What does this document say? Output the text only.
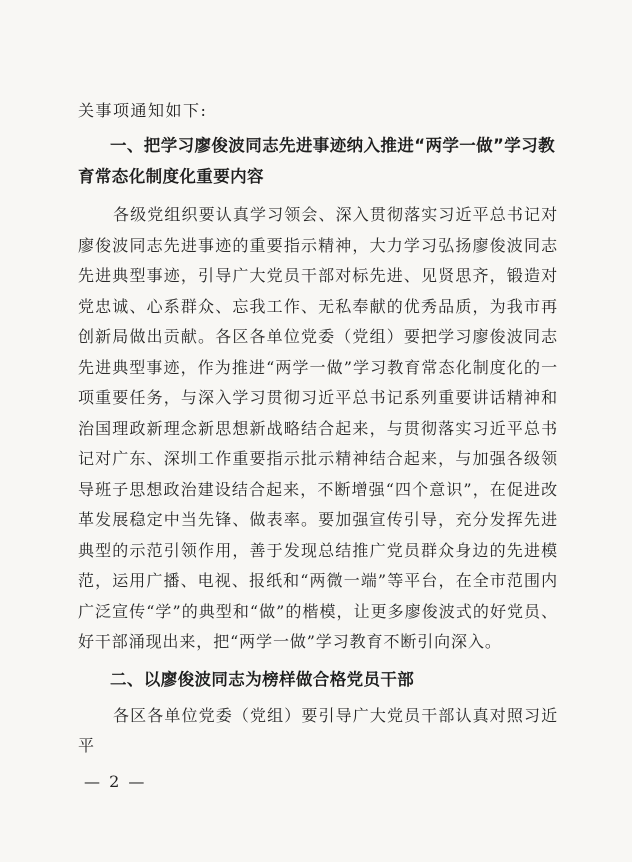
关事项通知如下:

一、把学习廖俊波同志先进事迹纳入推进“两学一做”学习教育常态化制度化重要内容

各级党组织要认真学习领会、深入贯彻落实习近平总书记对廖俊波同志先进事迹的重要指示精神，大力学习弘扬廖俊波同志先进典型事迹，引导广大党员干部对标先进、见贤思齐，锻造对党忠诚、心系群众、忘我工作、无私奉献的优秀品质，为我市再创新局做出贡献。各区各单位党委（党组）要把学习廖俊波同志先进典型事迹，作为推进“两学一做”学习教育常态化制度化的一项重要任务，与深入学习贯彻习近平总书记系列重要讲话精神和治国理政新理念新思想新战略结合起来，与贯彻落实习近平总书记对广东、深圳工作重要指示批示精神结合起来，与加强各级领导班子思想政治建设结合起来，不断增强“四个意识”，在促进改革发展稳定中当先锋、做表率。要加强宣传引导，充分发挥先进典型的示范引领作用，善于发现总结推广党员群众身边的先进模范，运用广播、电视、报纸和“两微一端”等平台，在全市范围内广泛宣传“学”的典型和“做”的楷模，让更多廖俊波式的好党员、好干部涌现出来，把“两学一做”学习教育不断引向深入。

二、以廖俊波同志为榜样做合格党员干部

各区各单位党委（党组）要引导广大党员干部认真对照习近平

— 2 —
